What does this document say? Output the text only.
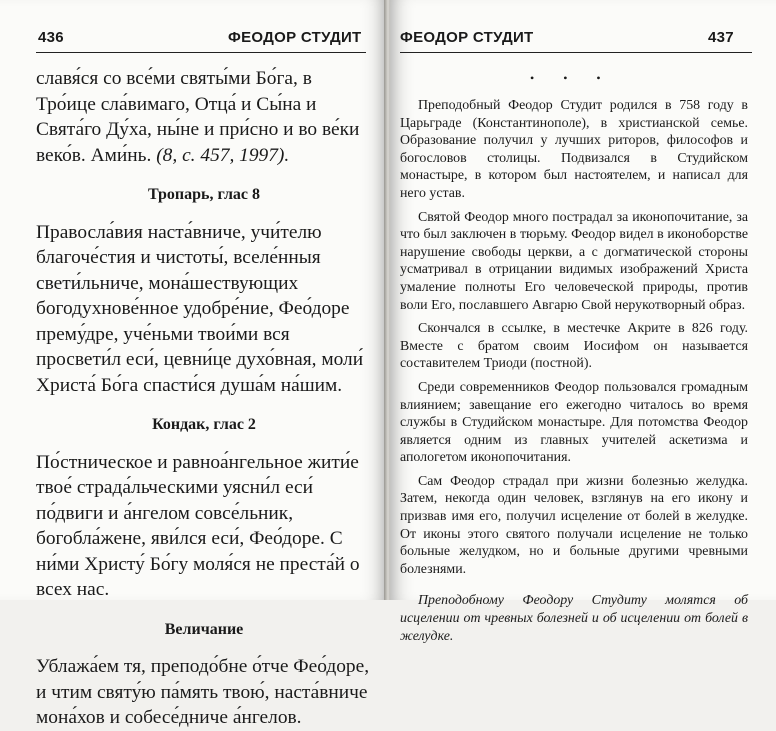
436	ФЕОДОР СТУДИТ

славя́ся со все́ми святы́ми Бо́га, в Тро́ице сла́вимаго, Отца́ и Сы́на и Свята́го Ду́ха, ны́не и при́сно и во ве́ки веко́в. Ами́нь. (8, с. 457, 1997).

Тропарь, глас 8

Правосла́вия наста́вниче, учи́телю благоче́стия и чистоты́, вселе́нныя свети́льниче, мона́шествующих богодухнове́нное удобре́ние, Фео́доре прему́дре, уче́ньми твои́ми вся просвети́л еси́, цевни́це духо́вная, моли́ Христа́ Бо́га спасти́ся душа́м на́шим.

Кондак, глас 2

По́стническое и равноа́нгельное жити́е твое́ страда́льческими уясни́л еси́ по́двиги и а́нгелом совсе́льник, богобла́жене, яви́лся еси́, Фео́доре. С ни́ми Христу́ Бо́гу моля́ся не преста́й о всех нас.

Величание

Ублажа́ем тя, преподо́бне о́тче Фео́доре, и чтим святу́ю па́мять твою́, наста́вниче мона́хов и собесе́дниче а́нгелов.

ФЕОДОР СТУДИТ	437
• • •

Преподобный Феодор Студит родился в 758 году в Царьграде (Константинополе), в христианской семье. Образование получил у лучших риторов, философов и богословов столицы. Подвизался в Студийском монастыре, в котором был настоятелем, и написал для него устав.

Святой Феодор много пострадал за иконопочитание, за что был заключен в тюрьму. Феодор видел в иконоборстве нарушение свободы церкви, а с догматической стороны усматривал в отрицании видимых изображений Христа умаление полноты Его человеческой природы, против воли Его, пославшего Авгарю Свой нерукотворный образ.

Скончался в ссылке, в местечке Акрите в 826 году. Вместе с братом своим Иосифом он называется составителем Триоди (постной).

Среди современников Феодор пользовался громадным влиянием; завещание его ежегодно читалось во время службы в Студийском монастыре. Для потомства Феодор является одним из главных учителей аскетизма и апологетом иконопочитания.

Сам Феодор страдал при жизни болезнью желудка. Затем, некогда один человек, взглянув на его икону и призвав имя его, получил исцеление от болей в желудке. От иконы этого святого получали исцеление не только больные желудком, но и больные другими чревными болезнями.

Преподобному Феодору Студиту молятся об исцелении от чревных болезней и об исцелении от болей в желудке.
